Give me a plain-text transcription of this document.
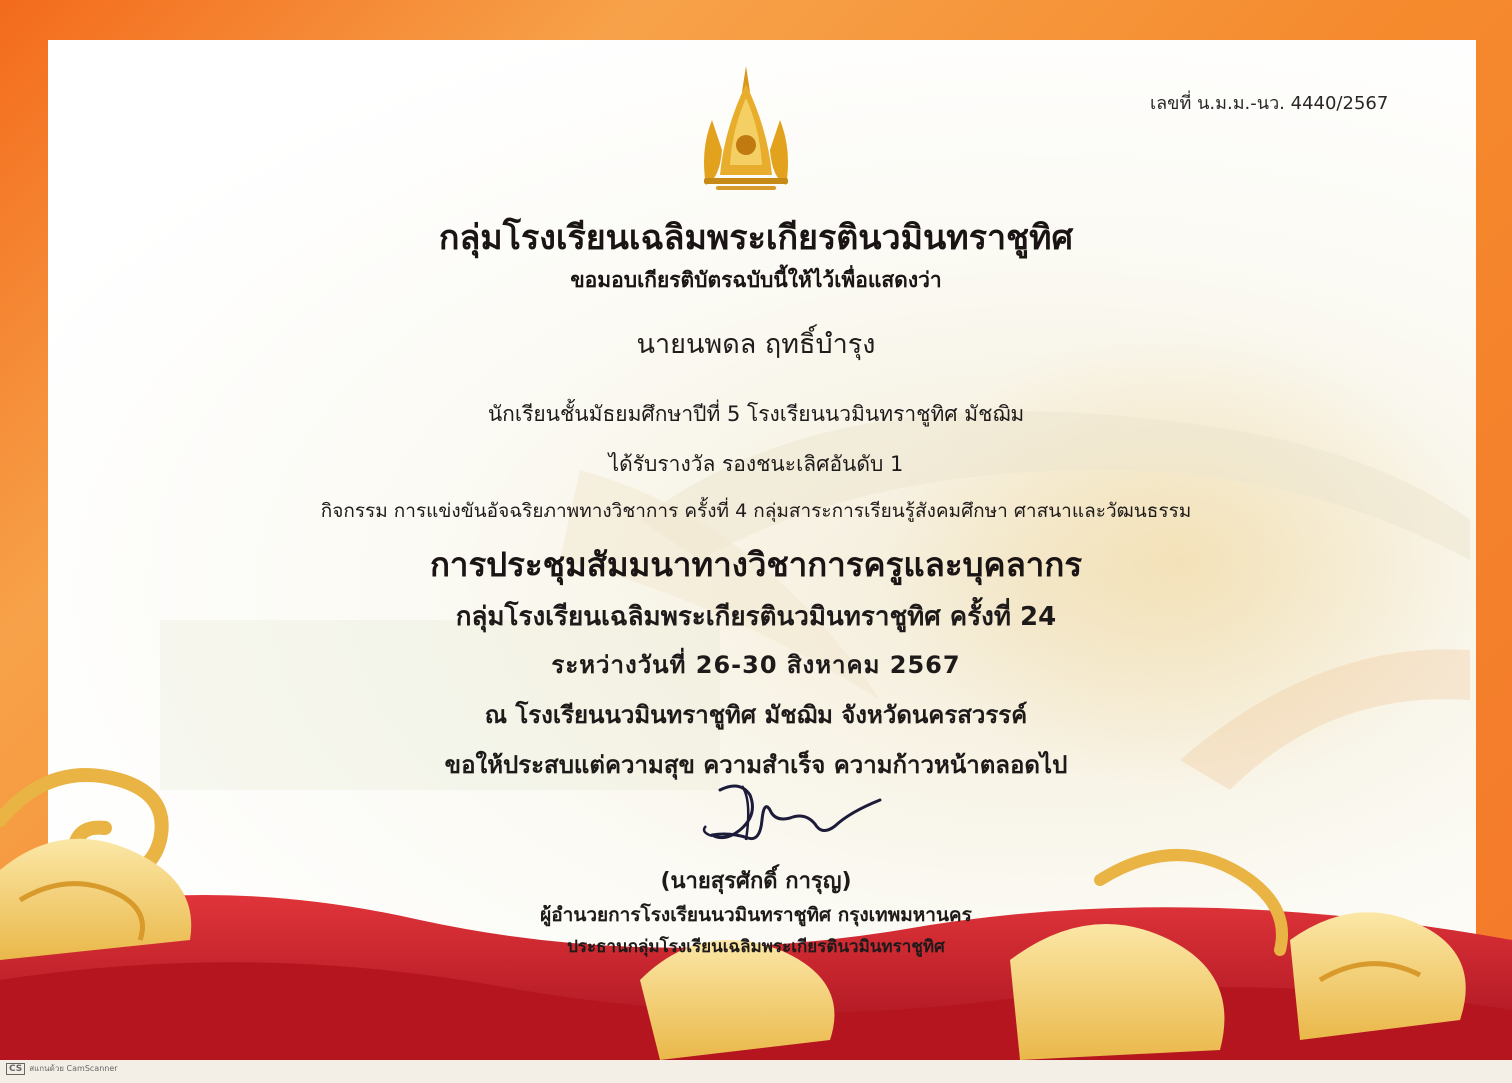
เลขที่ น.ม.ม.-นว. 4440/2567
กลุ่มโรงเรียนเฉลิมพระเกียรตินวมินทราชูทิศ
ขอมอบเกียรติบัตรฉบับนี้ให้ไว้เพื่อแสดงว่า
นายนพดล ฤทธิ์บำรุง
นักเรียนชั้นมัธยมศึกษาปีที่ 5 โรงเรียนนวมินทราชูทิศ มัชฌิม
ได้รับรางวัล รองชนะเลิศอันดับ 1
กิจกรรม การแข่งขันอัจฉริยภาพทางวิชาการ ครั้งที่ 4 กลุ่มสาระการเรียนรู้สังคมศึกษา ศาสนาและวัฒนธรรม
การประชุมสัมมนาทางวิชาการครูและบุคลากร
กลุ่มโรงเรียนเฉลิมพระเกียรตินวมินทราชูทิศ ครั้งที่ 24
ระหว่างวันที่ 26-30 สิงหาคม 2567
ณ โรงเรียนนวมินทราชูทิศ มัชฌิม จังหวัดนครสวรรค์
ขอให้ประสบแต่ความสุข ความสำเร็จ ความก้าวหน้าตลอดไป
(นายสุรศักดิ์ การุญ)
ผู้อำนวยการโรงเรียนนวมินทราชูทิศ กรุงเทพมหานคร
ประธานกลุ่มโรงเรียนเฉลิมพระเกียรตินวมินทราชูทิศ
CS สแกนด้วย CamScanner
